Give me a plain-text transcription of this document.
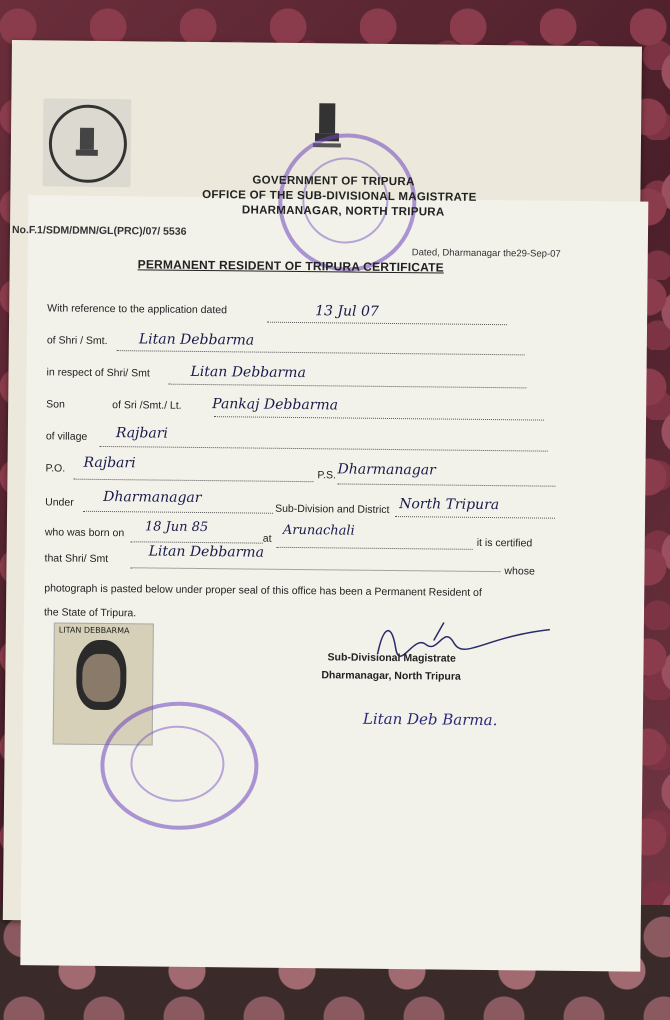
GOVERNMENT OF TRIPURA
OFFICE OF THE SUB-DIVISIONAL MAGISTRATE
DHARMANAGAR, NORTH TRIPURA
No.F.1/SDM/DMN/GL(PRC)/07/ 5536
Dated, Dharmanagar the29-Sep-07
PERMANENT RESIDENT OF TRIPURA CERTIFICATE
With reference to the application dated	13 Jul 07
of Shri / Smt. Litan Debbarma
in respect of Shri/ Smt	Litan Debbarma
Son	of Sri /Smt./ Lt. Pankaj Debbarma
of village Rajbari
P.O. Rajbari
P.S. Dharmanagar
Under Dharmanagar
Sub-Division and District North Tripura
who was born on 18 Jun 85
at
Arunachali
it is certified
that Shri/ Smt	Litan Debbarma
whose
photograph is pasted below under proper seal of this office has been a Permanent Resident of
the State of Tripura.
LITAN DEBBARMA
Sub-Divisional Magistrate
Dharmanagar, North Tripura
Litan Deb Barma.
